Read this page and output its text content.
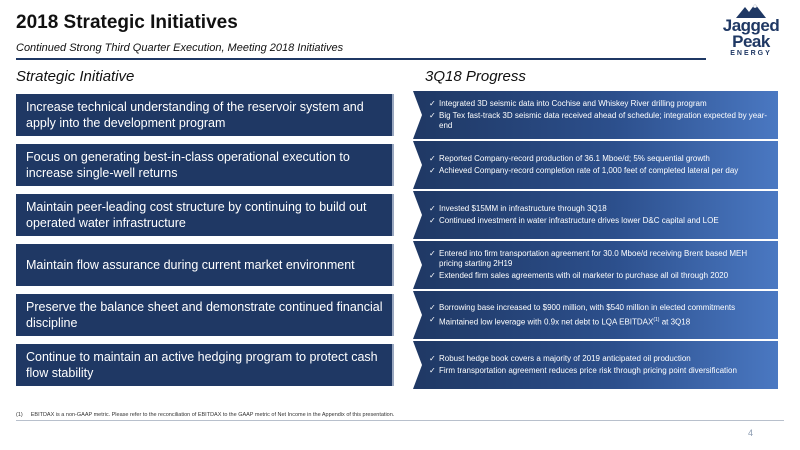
2018 Strategic Initiatives
Continued Strong Third Quarter Execution, Meeting 2018 Initiatives
Jagged
Peak
ENERGY
Strategic Initiative	3Q18 Progress
Increase technical understanding of the reservoir system and apply into the development program
✓ Integrated 3D seismic data into Cochise and Whiskey River drilling program
✓ Big Tex fast-track 3D seismic data received ahead of schedule; integration expected by year-end
Focus on generating best-in-class operational execution to increase single-well returns
✓ Reported Company-record production of 36.1 Mboe/d; 5% sequential growth
✓ Achieved Company-record completion rate of 1,000 feet of completed lateral per day
Maintain peer-leading cost structure by continuing to build out operated water infrastructure
✓ Invested $15MM in infrastructure through 3Q18
✓ Continued investment in water infrastructure drives lower D&C capital and LOE
Maintain flow assurance during current market environment
✓ Entered into firm transportation agreement for 30.0 Mboe/d receiving Brent based MEH pricing starting 2H19
✓ Extended firm sales agreements with oil marketer to purchase all oil through 2020
Preserve the balance sheet and demonstrate continued financial discipline
✓ Borrowing base increased to $900 million, with $540 million in elected commitments
✓ Maintained low leverage with 0.9x net debt to LQA EBITDAX$^{(1)}$ at 3Q18
Continue to maintain an active hedging program to protect cash flow stability
✓ Robust hedge book covers a majority of 2019 anticipated oil production
✓ Firm transportation agreement reduces price risk through pricing point diversification
(1) EBITDAX is a non-GAAP metric. Please refer to the reconciliation of EBITDAX to the GAAP metric of Net Income in the Appendix of this presentation.
4
